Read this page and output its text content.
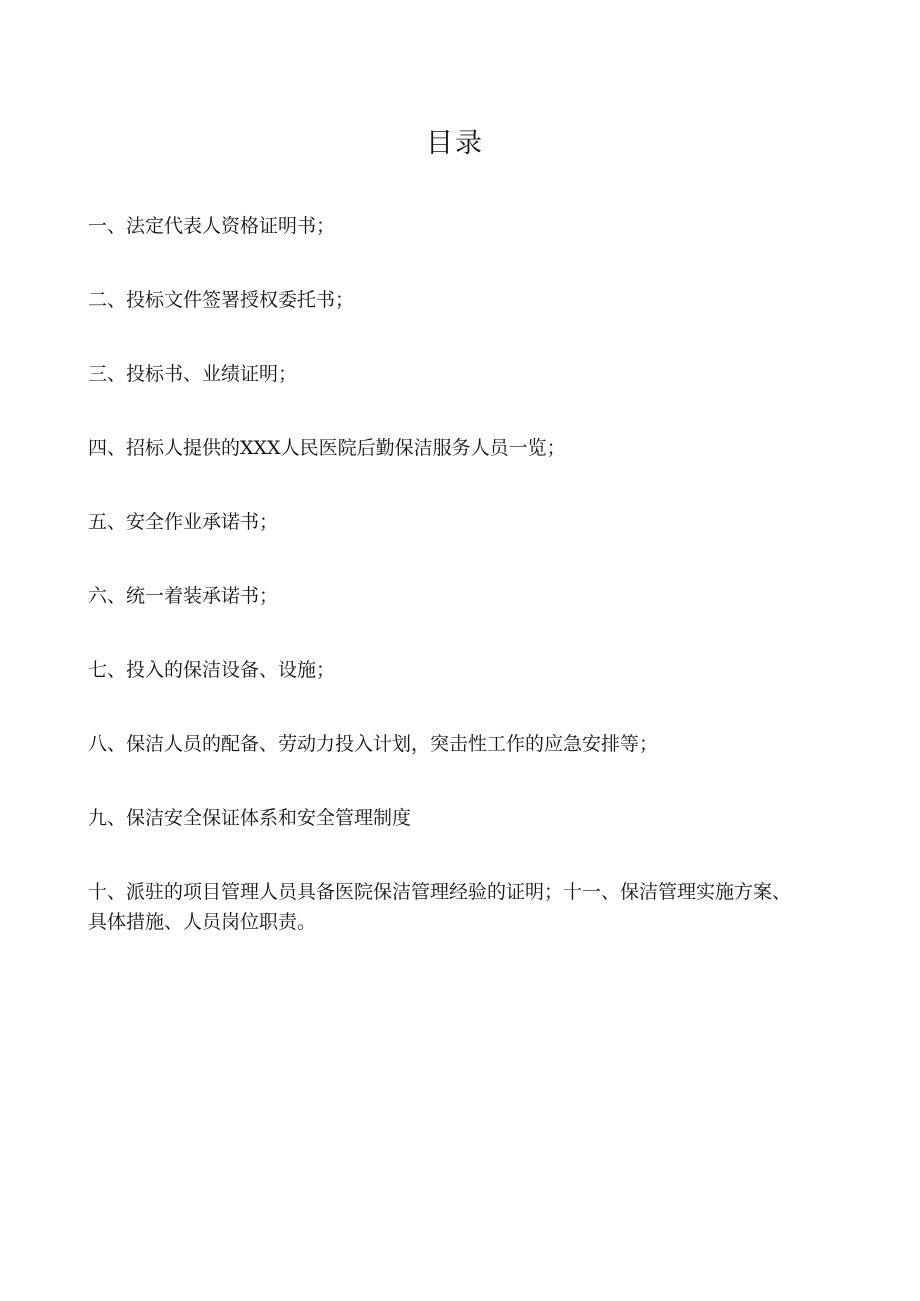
目录
一、法定代表人资格证明书；
二、投标文件签署授权委托书；
三、投标书、业绩证明；
四、招标人提供的XXX人民医院后勤保洁服务人员一览；
五、安全作业承诺书；
六、统一着装承诺书；
七、投入的保洁设备、设施；
八、保洁人员的配备、劳动力投入计划，突击性工作的应急安排等；
九、保洁安全保证体系和安全管理制度
十、派驻的项目管理人员具备医院保洁管理经验的证明；十一、保洁管理实施方案、具体措施、人员岗位职责。
